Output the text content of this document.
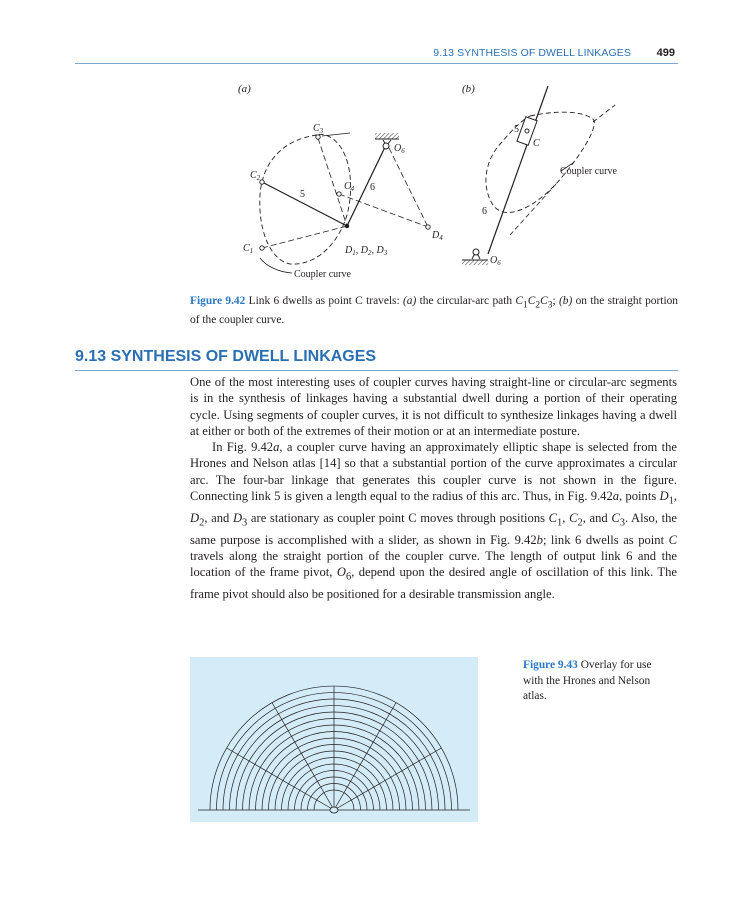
9.13 SYNTHESIS OF DWELL LINKAGES 499
(a)	(b)
$C_1$
$C_2$
$C_3$
$C_4$
$O_6$
$D_4$
5
6
$D_1$, $D_2$, $D_3$
Coupler curve
5
C
6
$O_6$
Coupler curve
Figure 9.42 Link 6 dwells as point C travels: (a) the circular-arc path $C_1C_2C_3$; (b) on the straight portion of the coupler curve.
9.13 SYNTHESIS OF DWELL LINKAGES

One of the most interesting uses of coupler curves having straight-line or circular-arc segments is in the synthesis of linkages having a substantial dwell during a portion of their operating cycle. Using segments of coupler curves, it is not difficult to synthesize linkages having a dwell at either or both of the extremes of their motion or at an intermediate posture.

In Fig. 9.42a, a coupler curve having an approximately elliptic shape is selected from the Hrones and Nelson atlas [14] so that a substantial portion of the curve approximates a circular arc. The four-bar linkage that generates this coupler curve is not shown in the figure. Connecting link 5 is given a length equal to the radius of this arc. Thus, in Fig. 9.42a, points $D_1$, $D_2$, and $D_3$ are stationary as coupler point C moves through positions $C_1$, $C_2$, and $C_3$. Also, the same purpose is accomplished with a slider, as shown in Fig. 9.42b; link 6 dwells as point C travels along the straight portion of the coupler curve. The length of output link 6 and the location of the frame pivot, $O_6$, depend upon the desired angle of oscillation of this link. The frame pivot should also be positioned for a desirable transmission angle.

Figure 9.43 Overlay for use with the Hrones and Nelson atlas.
